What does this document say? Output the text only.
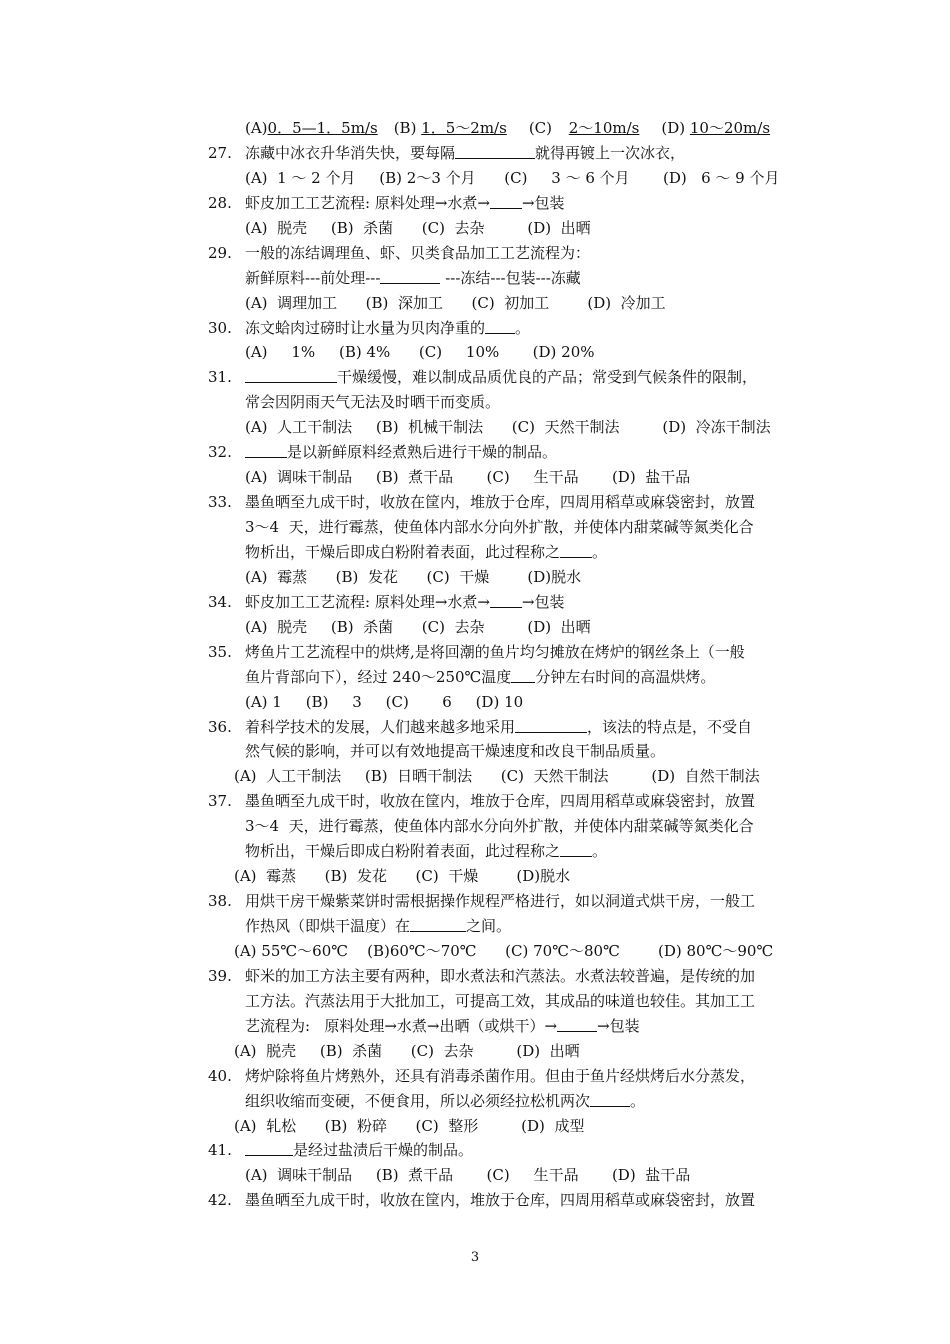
(A)0．5—1．5m/s (B) 1．5～2m/s (C) 2～10m/s (D) 10～20m/s
27. 冻藏中冰衣升华消失快，要每隔	就得再镀上一次冰衣，
(A)  1 ～ 2 个月     (B) 2～3 个月      (C)     3 ～ 6 个月       (D)   6 ～ 9 个月
28. 虾皮加工工艺流程: 原料处理→水煮→ →包装
(A)  脱壳     (B)  杀菌      (C)  去杂         (D)  出晒
29. 一般的冻结调理鱼、虾、贝类食品加工工艺流程为：
新鲜原料---前处理---	---冻结---包装---冻藏
(A)  调理加工      (B)  深加工      (C)  初加工        (D)  冷加工
30. 冻文蛤肉过磅时让水量为贝肉净重的 。
(A)     1%     (B) 4%      (C)     10%       (D) 20%
31.	干燥缓慢，难以制成品质优良的产品；常受到气候条件的限制，
常会因阴雨天气无法及时晒干而变质。
(A)  人工干制法     (B)  机械干制法      (C)  天然干制法         (D)  冷冻干制法
32.	是以新鲜原料经煮熟后进行干燥的制品。
(A)  调味干制品     (B)  煮干品       (C)     生干品       (D)  盐干品
33. 墨鱼晒至九成干时，收放在筐内，堆放于仓库，四周用稻草或麻袋密封，放置
3～4  天，进行霉蒸，使鱼体内部水分向外扩散，并使体内甜菜碱等氮类化合
物析出，干燥后即成白粉附着表面，此过程称之 。
(A)  霉蒸      (B)  发花      (C)  干燥        (D)脱水
34. 虾皮加工工艺流程: 原料处理→水煮→ →包装
(A)  脱壳     (B)  杀菌      (C)  去杂         (D)  出晒
35. 烤鱼片工艺流程中的烘烤,是将回潮的鱼片均匀摊放在烤炉的钢丝条上（一般
鱼片背部向下），经过 240～250℃温度 分钟左右时间的高温烘烤。
(A) 1     (B)     3     (C)       6     (D) 10
36. 着科学技术的发展，人们越来越多地采用	，该法的特点是，不受自
然气候的影响，并可以有效地提高干燥速度和改良干制品质量。
(A)  人工干制法     (B)  日晒干制法      (C)  天然干制法         (D)  自然干制法
37. 墨鱼晒至九成干时，收放在筐内，堆放于仓库，四周用稻草或麻袋密封，放置
3～4  天，进行霉蒸，使鱼体内部水分向外扩散，并使体内甜菜碱等氮类化合
物析出，干燥后即成白粉附着表面，此过程称之 。
(A)  霉蒸      (B)  发花      (C)  干燥        (D)脱水
38. 用烘干房干燥紫菜饼时需根据操作规程严格进行，如以洞道式烘干房，一般工
作热风（即烘干温度）在	之间。
(A) 55℃～60℃    (B)60℃～70℃      (C) 70℃～80℃        (D) 80℃～90℃
39. 虾米的加工方法主要有两种，即水煮法和汽蒸法。水煮法较普遍，是传统的加
工方法。汽蒸法用于大批加工，可提高工效，其成品的味道也较佳。其加工工
艺流程为:   原料处理→水煮→出晒（或烘干）→	→包装
(A)  脱壳     (B)  杀菌      (C)  去杂         (D)  出晒
40. 烤炉除将鱼片烤熟外，还具有消毒杀菌作用。但由于鱼片经烘烤后水分蒸发，
组织收缩而变硬，不便食用，所以必须经拉松机两次	。
(A)  轧松      (B)  粉碎      (C)  整形         (D)  成型
41.	是经过盐渍后干燥的制品。
(A)  调味干制品     (B)  煮干品       (C)     生干品       (D)  盐干品
42. 墨鱼晒至九成干时，收放在筐内，堆放于仓库，四周用稻草或麻袋密封，放置
3
